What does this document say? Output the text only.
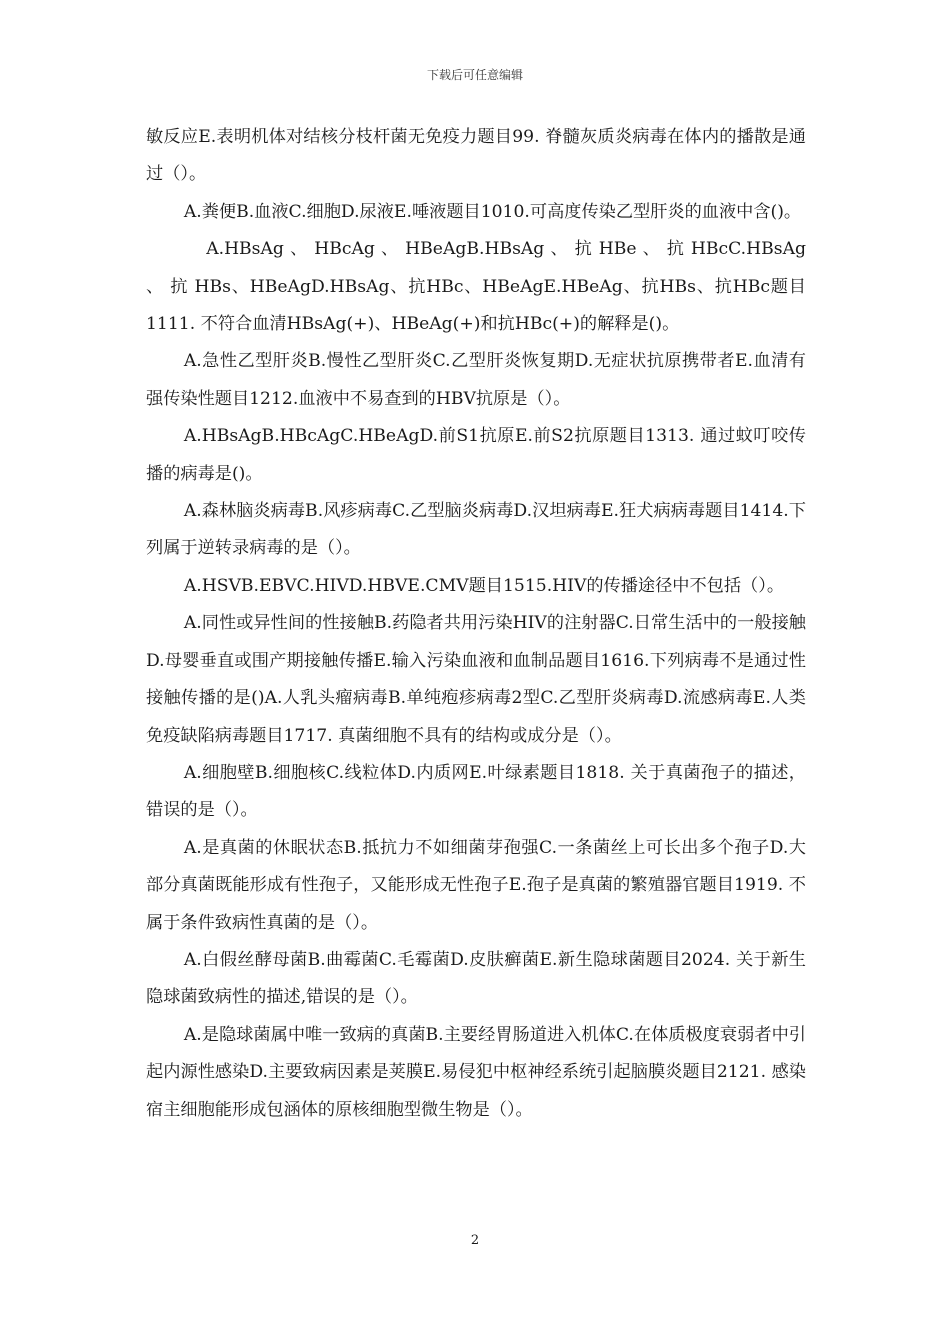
下载后可任意编辑

敏反应E.表明机体对结核分枝杆菌无免疫力题目99. 脊髓灰质炎病毒在体内的播散是通过（）。

A.粪便B.血液C.细胞D.尿液E.唾液题目1010.可高度传染乙型肝炎的血液中含()。

A.HBsAg 、 HBcAg 、 HBeAgB.HBsAg 、 抗 HBe 、 抗 HBcC.HBsAg 、 抗 HBs、HBeAgD.HBsAg、抗HBc、HBeAgE.HBeAg、抗HBs、抗HBc题目1111. 不符合血清HBsAg(+)、HBeAg(+)和抗HBc(+)的解释是()。

A.急性乙型肝炎B.慢性乙型肝炎C.乙型肝炎恢复期D.无症状抗原携带者E.血清有强传染性题目1212.血液中不易查到的HBV抗原是（）。

A.HBsAgB.HBcAgC.HBeAgD.前S1抗原E.前S2抗原题目1313. 通过蚊叮咬传播的病毒是()。

A.森林脑炎病毒B.风疹病毒C.乙型脑炎病毒D.汉坦病毒E.狂犬病病毒题目1414.下列属于逆转录病毒的是（）。

A.HSVB.EBVC.HIVD.HBVE.CMV题目1515.HIV的传播途径中不包括（）。

A.同性或异性间的性接触B.药隐者共用污染HIV的注射器C.日常生活中的一般接触D.母婴垂直或围产期接触传播E.输入污染血液和血制品题目1616.下列病毒不是通过性接触传播的是()A.人乳头瘤病毒B.单纯疱疹病毒2型C.乙型肝炎病毒D.流感病毒E.人类免疫缺陷病毒题目1717. 真菌细胞不具有的结构或成分是（）。

A.细胞壁B.细胞核C.线粒体D.内质网E.叶绿素题目1818. 关于真菌孢子的描述，错误的是（）。

A.是真菌的休眠状态B.抵抗力不如细菌芽孢强C.一条菌丝上可长出多个孢子D.大部分真菌既能形成有性孢子，又能形成无性孢子E.孢子是真菌的繁殖器官题目1919. 不属于条件致病性真菌的是（）。

A.白假丝酵母菌B.曲霉菌C.毛霉菌D.皮肤癣菌E.新生隐球菌题目2024. 关于新生隐球菌致病性的描述,错误的是（）。

A.是隐球菌属中唯一致病的真菌B.主要经胃肠道进入机体C.在体质极度衰弱者中引起内源性感染D.主要致病因素是荚膜E.易侵犯中枢神经系统引起脑膜炎题目2121. 感染宿主细胞能形成包涵体的原核细胞型微生物是（）。

2
